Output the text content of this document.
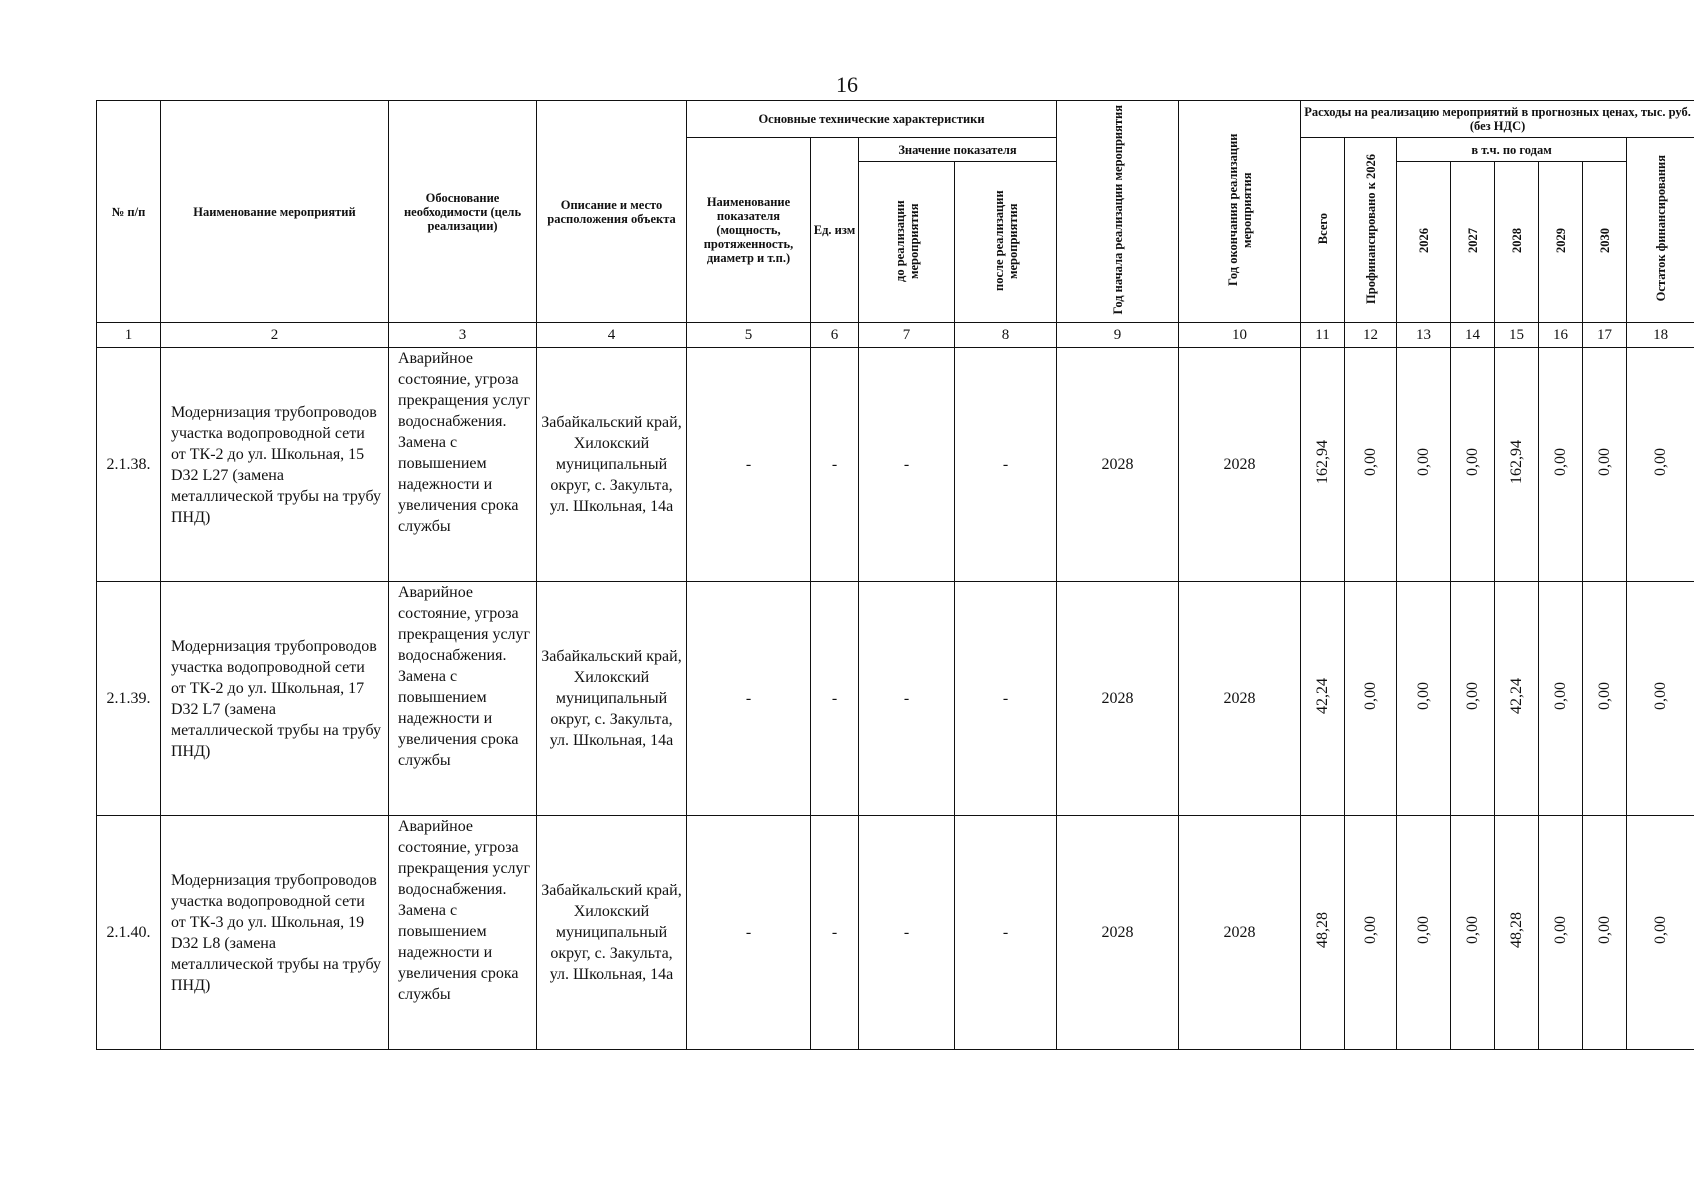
16
№ п/п	Наименование мероприятий	Обоснование необходимости (цель реализации)	Описание и место расположения объекта	Основные технические характеристики				Год начала реализации мероприятия	Год окончания реализации мероприятия	Расходы на реализацию мероприятий в прогнозных ценах, тыс. руб. (без НДС)							
				Наименование показателя (мощность, протяженность, диаметр и т.п.)	Ед. изм	Значение показателя				Всего	Профинансировано к 2026	в т.ч. по годам					Остаток финансирования
						до реализации мероприятия	после реализации мероприятия					2026	2027	2028	2029	2030	

1	2	3	4	5	6	7	8	9	10	11	12	13	14	15	16	17	18
2.1.38.	Модернизация трубопроводов участка водопроводной сети от ТК-2 до ул. Школьная, 15 D32 L27 (замена металлической трубы на трубу ПНД)	Аварийное состояние, угроза прекращения услуг водоснабжения. Замена с повышением надежности и увеличения срока службы	Забайкальский край, Хилокский муниципальный округ, с. Закульта, ул. Школьная, 14а	-	-	-	-	2028	2028	162,94	0,00	0,00	0,00	162,94	0,00	0,00	0,00
2.1.39.	Модернизация трубопроводов участка водопроводной сети от ТК-2 до ул. Школьная, 17 D32 L7 (замена металлической трубы на трубу ПНД)	Аварийное состояние, угроза прекращения услуг водоснабжения. Замена с повышением надежности и увеличения срока службы	Забайкальский край, Хилокский муниципальный округ, с. Закульта, ул. Школьная, 14а	-	-	-	-	2028	2028	42,24	0,00	0,00	0,00	42,24	0,00	0,00	0,00
2.1.40.	Модернизация трубопроводов участка водопроводной сети от ТК-3 до ул. Школьная, 19 D32 L8 (замена металлической трубы на трубу ПНД)	Аварийное состояние, угроза прекращения услуг водоснабжения. Замена с повышением надежности и увеличения срока службы	Забайкальский край, Хилокский муниципальный округ, с. Закульта, ул. Школьная, 14а	-	-	-	-	2028	2028	48,28	0,00	0,00	0,00	48,28	0,00	0,00	0,00
